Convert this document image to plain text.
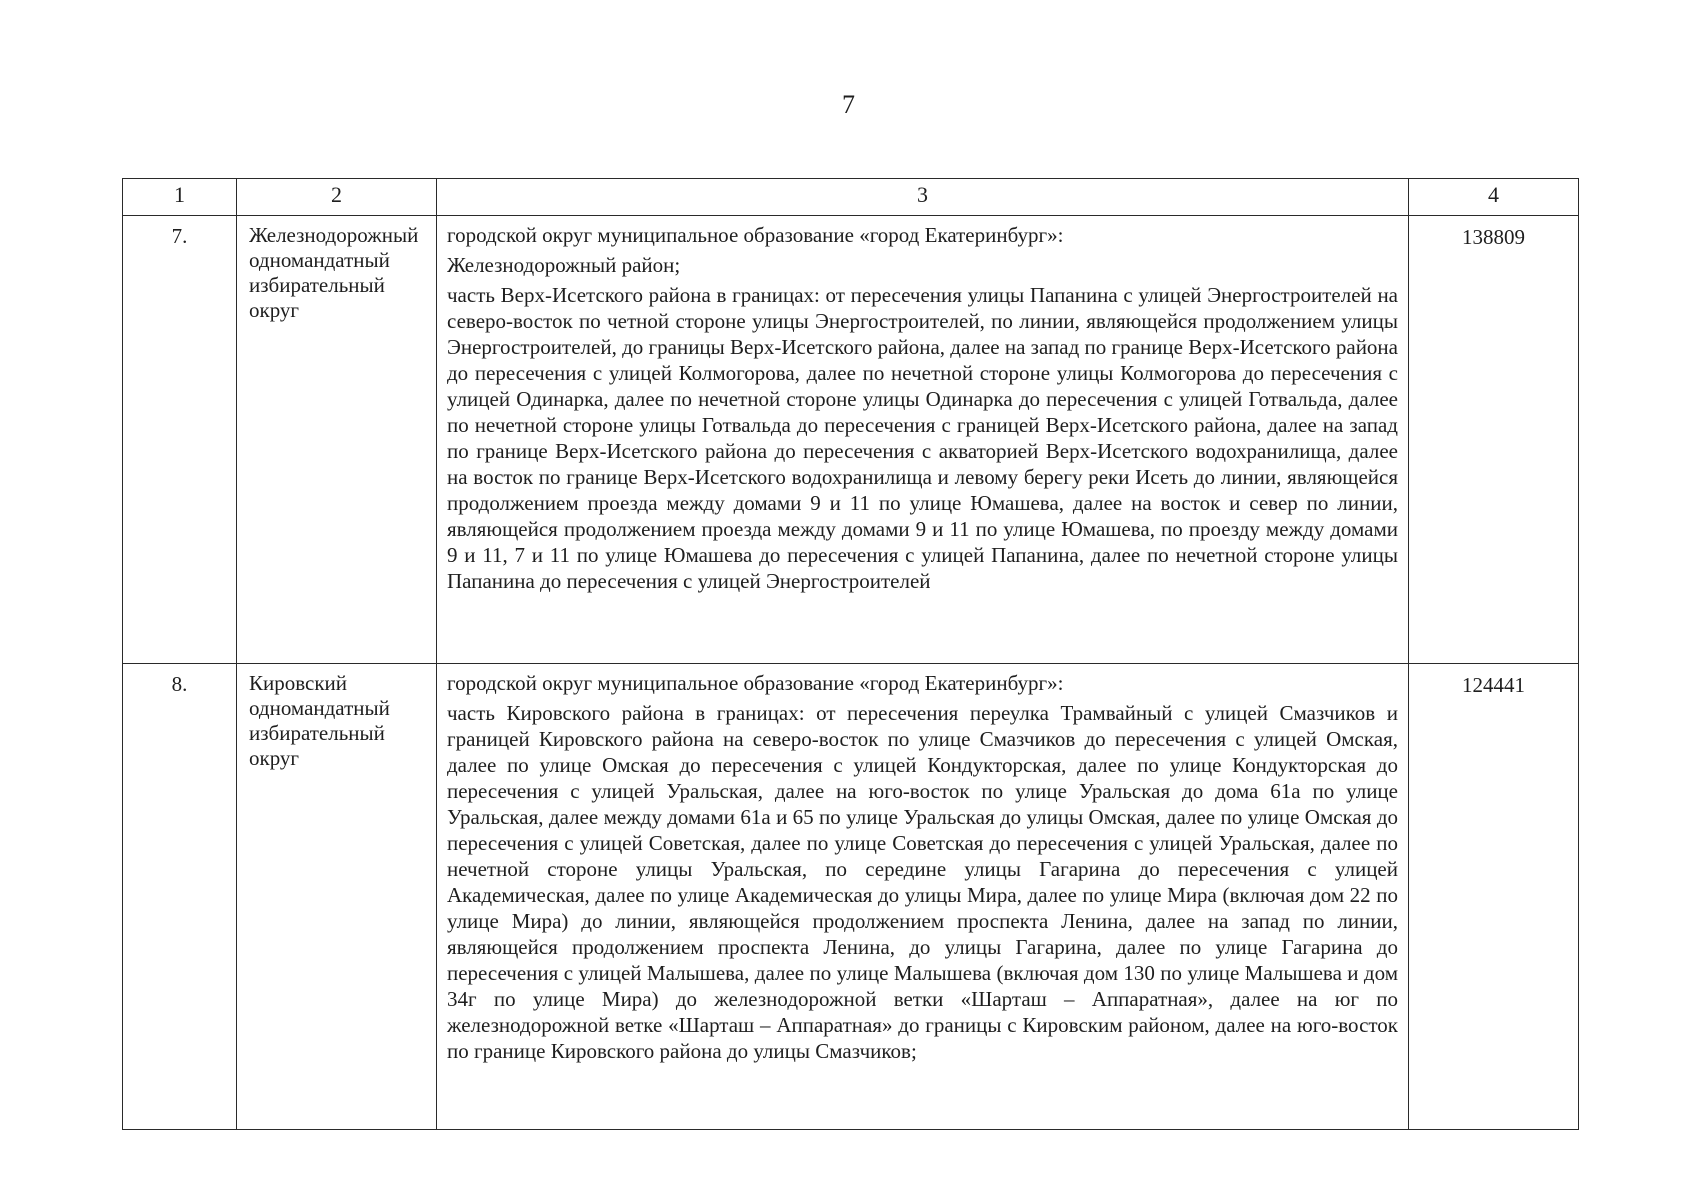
7
1	2	3	4
7.	Железнодорожный одномандатный избирательный округ	городской округ муниципальное образование «город Екатеринбург»:

Железнодорожный район;

часть Верх-Исетского района в границах: от пересечения улицы Папанина с улицей Энергостроителей на северо-восток по четной стороне улицы Энергостроителей, по линии, являющейся продолжением улицы Энергостроителей, до границы Верх-Исетского района, далее на запад по границе Верх-Исетского района до пересечения с улицей Колмогорова, далее по нечетной стороне улицы Колмогорова до пересечения с улицей Одинарка, далее по нечетной стороне улицы Одинарка до пересечения с улицей Готвальда, далее по нечетной стороне улицы Готвальда до пересечения с границей Верх-Исетского района, далее на запад по границе Верх-Исетского района до пересечения с акваторией Верх-Исетского водохранилища, далее на восток по границе Верх-Исетского водохранилища и левому берегу реки Исеть до линии, являющейся продолжением проезда между домами 9 и 11 по улице Юмашева, далее на восток и север по линии, являющейся продолжением проезда между домами 9 и 11 по улице Юмашева, по проезду между домами 9 и 11, 7 и 11 по улице Юмашева до пересечения с улицей Папанина, далее по нечетной стороне улицы Папанина до пересечения с улицей Энергостроителей	138809
8.	Кировский одномандатный избирательный округ	городской округ муниципальное образование «город Екатеринбург»:

часть Кировского района в границах: от пересечения переулка Трамвайный с улицей Смазчиков и границей Кировского района на северо-восток по улице Смазчиков до пересечения с улицей Омская, далее по улице Омская до пересечения с улицей Кондукторская, далее по улице Кондукторская до пересечения с улицей Уральская, далее на юго-восток по улице Уральская до дома 61а по улице Уральская, далее между домами 61а и 65 по улице Уральская до улицы Омская, далее по улице Омская до пересечения с улицей Советская, далее по улице Советская до пересечения с улицей Уральская, далее по нечетной стороне улицы Уральская, по середине улицы Гагарина до пересечения с улицей Академическая, далее по улице Академическая до улицы Мира, далее по улице Мира (включая дом 22 по улице Мира) до линии, являющейся продолжением проспекта Ленина, далее на запад по линии, являющейся продолжением проспекта Ленина, до улицы Гагарина, далее по улице Гагарина до пересечения с улицей Малышева, далее по улице Малышева (включая дом 130 по улице Малышева и дом 34г по улице Мира) до железнодорожной ветки «Шарташ – Аппаратная», далее на юг по железнодорожной ветке «Шарташ – Аппаратная» до границы с Кировским районом, далее на юго-восток по границе Кировского района до улицы Смазчиков;	124441
